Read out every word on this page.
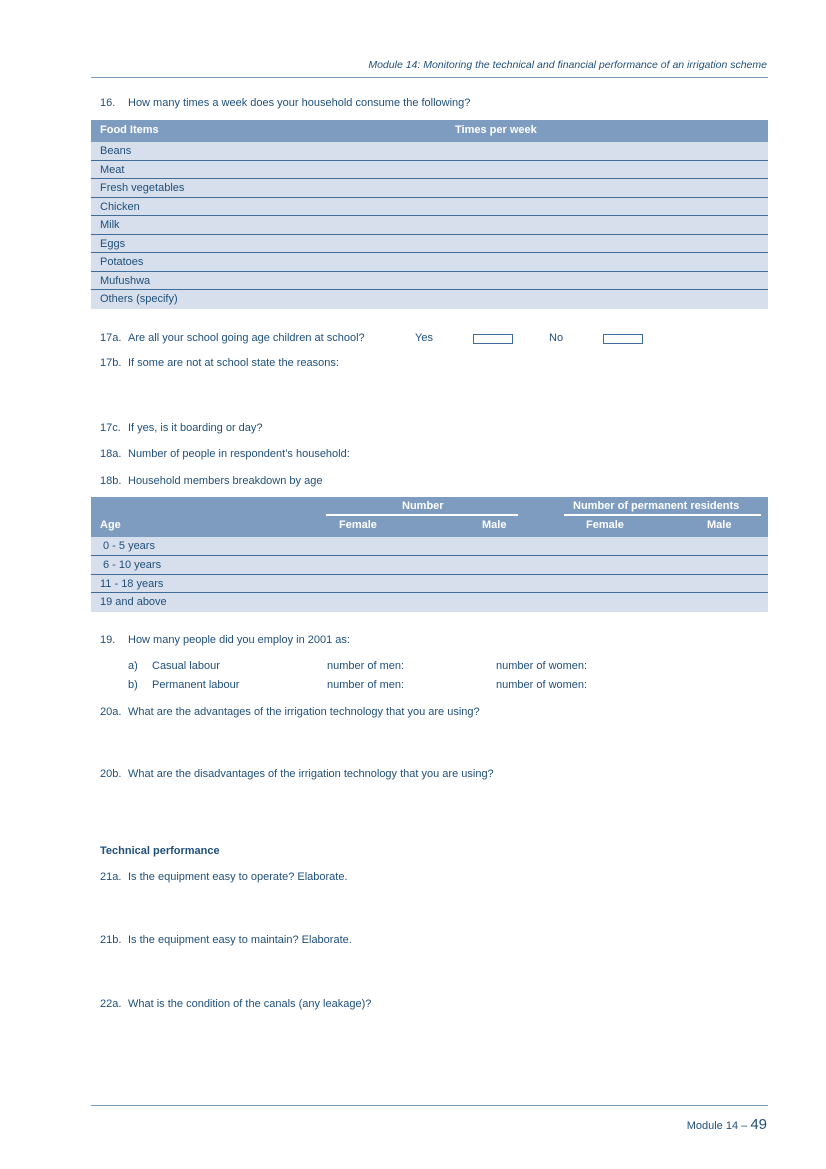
Module 14: Monitoring the technical and financial performance of an irrigation scheme
16. How many times a week does your household consume the following?
Food Items	Times per week
Beans
Meat
Fresh vegetables
Chicken
Milk
Eggs
Potatoes
Mufushwa
Others (specify)
17a. Are all your school going age children at school?	Yes	No
17b. If some are not at school state the reasons:
17c. If yes, is it boarding or day?
18a. Number of people in respondent’s household:
18b. Household members breakdown by age
Number	Number of permanent residents
Age	Female	Male	Female	Male
0 - 5 years
6 - 10 years
11 - 18 years
19 and above
19. How many people did you employ in 2001 as:
a) Casual labour	number of men:	number of women:
b) Permanent labour	number of men:	number of women:
20a. What are the advantages of the irrigation technology that you are using?
20b. What are the disadvantages of the irrigation technology that you are using?
Technical performance
21a. Is the equipment easy to operate? Elaborate.
21b. Is the equipment easy to maintain? Elaborate.
22a. What is the condition of the canals (any leakage)?
Module 14 – 49
